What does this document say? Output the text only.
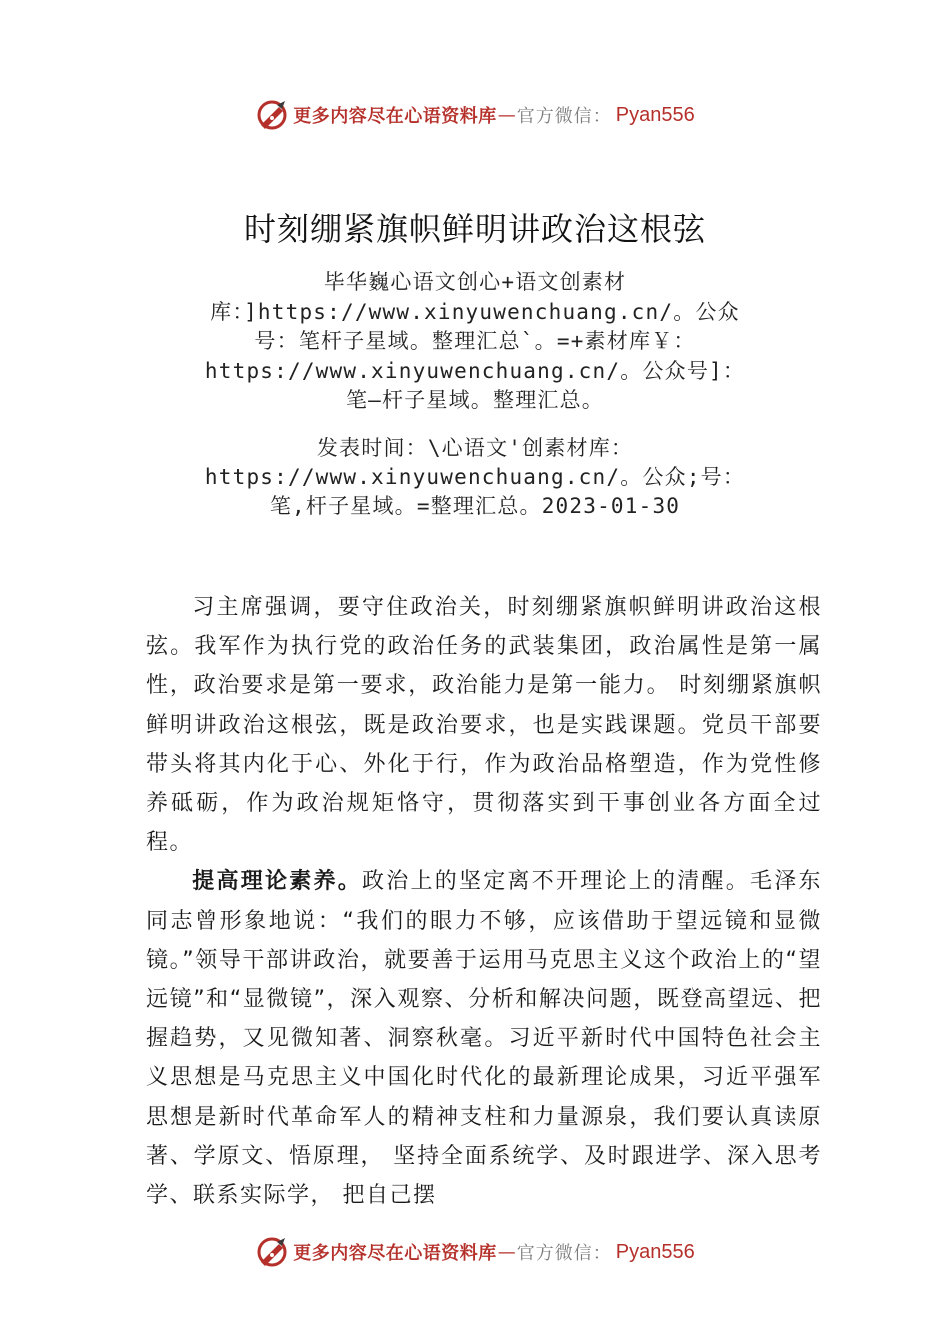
更多内容尽在心语资料库 — 官方微信： Pyan556
时刻绷紧旗帜鲜明讲政治这根弦
毕华巍心语文创心+语文创素材库：]https://www.xinyuwenchuang.cn/。公众号：笔杆子星域。整理汇总`。=+素材库￥：https://www.xinyuwenchuang.cn/。公众号]：笔—杆子星域。整理汇总。
发表时间：\心语文'创素材库：https://www.xinyuwenchuang.cn/。公众;号：笔,杆子星域。=整理汇总。2023-01-30

习主席强调，要守住政治关，时刻绷紧旗帜鲜明讲政治这根弦。我军作为执行党的政治任务的武装集团，政治属性是第一属性，政治要求是第一要求，政治能力是第一能力。 时刻绷紧旗帜鲜明讲政治这根弦，既是政治要求，也是实践课题。党员干部要带头将其内化于心、外化于行，作为政治品格塑造，作为党性修养砥砺，作为政治规矩恪守，贯彻落实到干事创业各方面全过程。

提高理论素养。政治上的坚定离不开理论上的清醒。毛泽东同志曾形象地说：“我们的眼力不够，应该借助于望远镜和显微镜。”领导干部讲政治，就要善于运用马克思主义这个政治上的“望远镜”和“显微镜”，深入观察、分析和解决问题，既登高望远、把握趋势，又见微知著、洞察秋毫。习近平新时代中国特色社会主义思想是马克思主义中国化时代化的最新理论成果，习近平强军思想是新时代革命军人的精神支柱和力量源泉，我们要认真读原著、学原文、悟原理， 坚持全面系统学、及时跟进学、深入思考学、联系实际学， 把自己摆

更多内容尽在心语资料库 — 官方微信： Pyan556
